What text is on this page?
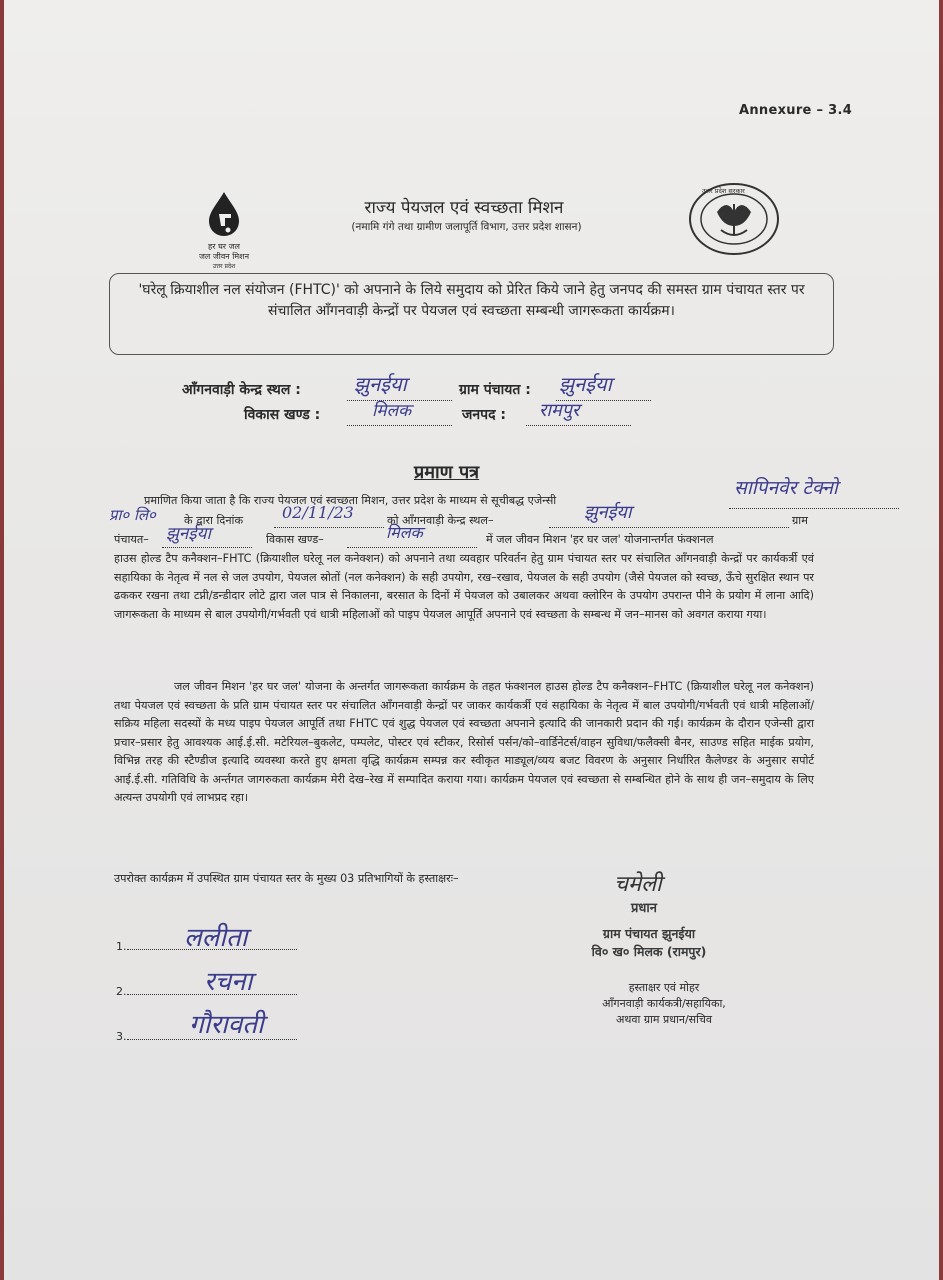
Annexure – 3.4
हर घर जल
जल जीवन मिशन
उत्तर प्रदेश
राज्य पेयजल एवं स्वच्छता मिशन
(नमामि गंगे तथा ग्रामीण जलापूर्ति विभाग, उत्तर प्रदेश शासन)
उत्तर प्रदेश सरकार
'घरेलू क्रियाशील नल संयोजन (FHTC)' को अपनाने के लिये समुदाय को प्रेरित किये जाने हेतु जनपद की समस्त ग्राम पंचायत स्तर पर संचालित आँगनवाड़ी केन्द्रों पर पेयजल एवं स्वच्छता सम्बन्धी जागरूकता कार्यक्रम।
आँगनवाड़ी केन्द्र स्थल :	झुनईया	ग्राम पंचायत : झुनईया
विकास खण्ड :	मिलक	जनपद : रामपुर
प्रमाण पत्र
प्रमाणित किया जाता है कि राज्य पेयजल एवं स्वच्छता मिशन, उत्तर प्रदेश के माध्यम से सूचीबद्ध एजेन्सी
सापिनवेर टेक्नो
प्रा० लि०	के द्वारा दिनांक 02/11/23	को आँगनवाड़ी केन्द्र स्थल–	झुनईया	ग्राम
पंचायत– झुनईया	विकास खण्ड–	मिलक	में जल जीवन मिशन 'हर घर जल' योजनान्तर्गत फंक्शनल
हाउस होल्ड टैप कनैक्शन–FHTC (क्रियाशील घरेलू नल कनेक्शन) को अपनाने तथा व्यवहार परिवर्तन हेतु ग्राम पंचायत स्तर पर संचालित आँगनवाड़ी केन्द्रों पर कार्यकर्त्री एवं सहायिका के नेतृत्व में नल से जल उपयोग, पेयजल स्रोतों (नल कनेक्शन) के सही उपयोग, रख–रखाव, पेयजल के सही उपयोग (जैसे पेयजल को स्वच्छ, ऊँचे सुरक्षित स्थान पर ढककर रखना तथा टप्नी/डन्डीदार लोटे द्वारा जल पात्र से निकालना, बरसात के दिनों में पेयजल को उबालकर अथवा क्लोरिन के उपयोग उपरान्त पीने के प्रयोग में लाना आदि) जागरूकता के माध्यम से बाल उपयोगी/गर्भवती एवं धात्री महिलाओं को पाइप पेयजल आपूर्ति अपनाने एवं स्वच्छता के सम्बन्ध में जन–मानस को अवगत कराया गया।
जल जीवन मिशन 'हर घर जल' योजना के अन्तर्गत जागरूकता कार्यक्रम के तहत फंक्शनल हाउस होल्ड टैप कनैक्शन–FHTC (क्रियाशील घरेलू नल कनेक्शन) तथा पेयजल एवं स्वच्छता के प्रति ग्राम पंचायत स्तर पर संचालित आँगनवाड़ी केन्द्रों पर जाकर कार्यकर्त्री एवं सहायिका के नेतृत्व में बाल उपयोगी/गर्भवती एवं धात्री महिलाओं/सक्रिय महिला सदस्यों के मध्य पाइप पेयजल आपूर्ति तथा FHTC एवं शुद्ध पेयजल एवं स्वच्छता अपनाने इत्यादि की जानकारी प्रदान की गई। कार्यक्रम के दौरान एजेन्सी द्वारा प्रचार–प्रसार हेतु आवश्यक आई.ई.सी. मटेरियल–बुकलेट, पम्पलेट, पोस्टर एवं स्टीकर, रिसोर्स पर्सन/को–वार्डिनेटर्स/वाहन सुविधा/फलैक्सी बैनर, साउण्ड सहित माईक प्रयोग, विभिन्न तरह की स्टैण्डीज इत्यादि व्यवस्था करते हुए क्षमता वृद्धि कार्यक्रम सम्पन्न कर स्वीकृत माड्यूल/व्यय बजट विवरण के अनुसार निर्धारित कैलेण्डर के अनुसार सपोर्ट आई.ई.सी. गतिविधि के अर्न्तगत जागरुकता कार्यक्रम मेरी देख–रेख में सम्पादित कराया गया। कार्यक्रम पेयजल एवं स्वच्छता से सम्बन्धित होने के साथ ही जन–समुदाय के लिए अत्यन्त उपयोगी एवं लाभप्रद रहा।
उपरोक्त कार्यक्रम में उपस्थित ग्राम पंचायत स्तर के मुख्य 03 प्रतिभागियों के हस्ताक्षरः–
1.	ललीता
2.	रचना
3.	गौरावती
चमेली
प्रधान
ग्राम पंचायत झुनईया
वि० ख० मिलक (रामपुर)
हस्ताक्षर एवं मोहर
आँगनवाड़ी कार्यकत्री/सहायिका,
अथवा ग्राम प्रधान/सचिव
